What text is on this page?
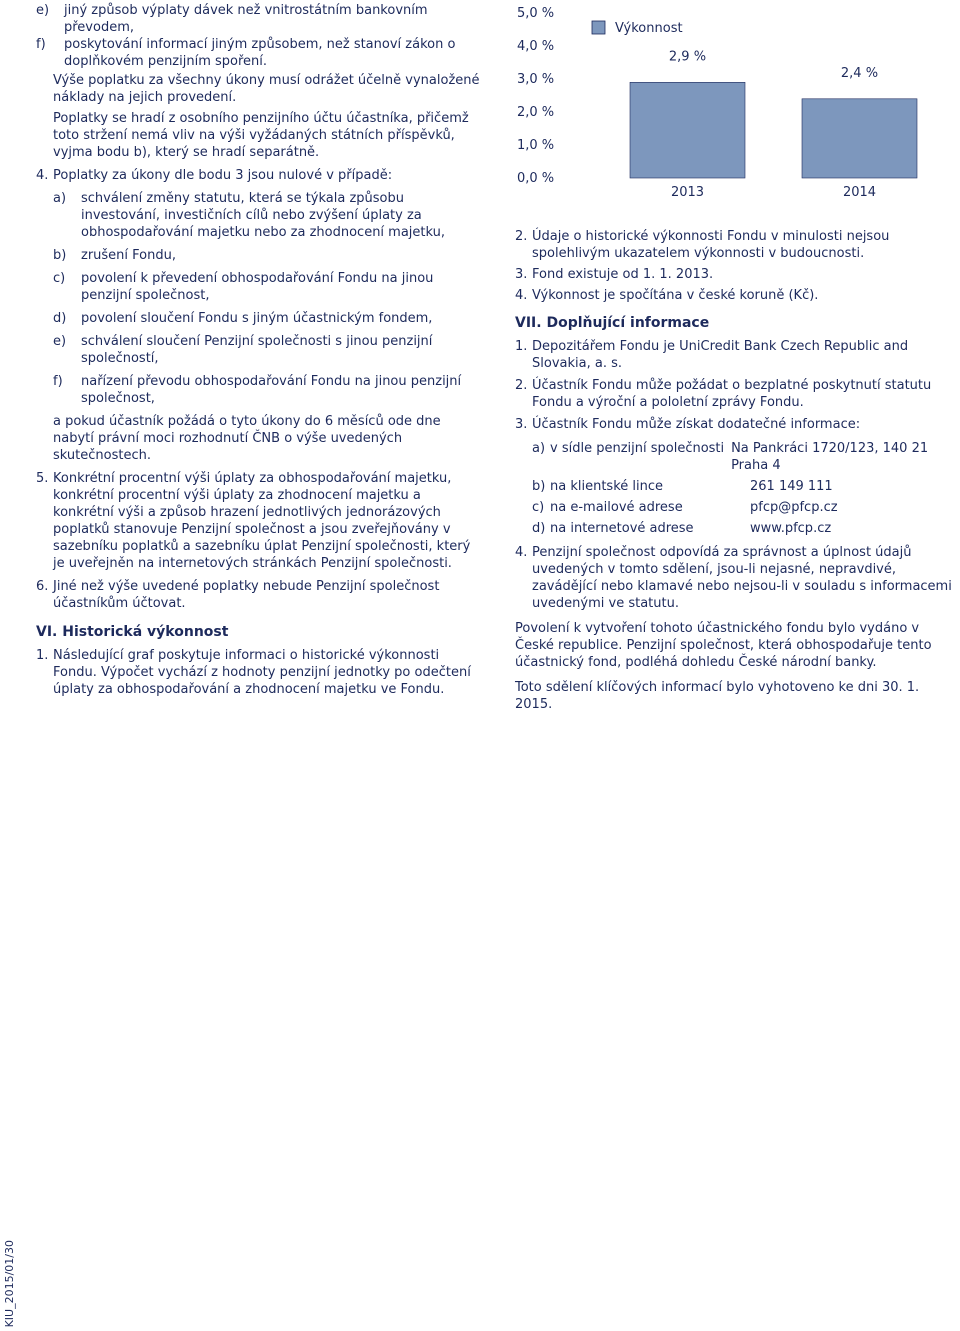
e) jiný způsob výplaty dávek než vnitrostátním bankovním převodem,

f) poskytování informací jiným způsobem, než stanoví zákon o doplňkovém penzijním spoření.

Výše poplatku za všechny úkony musí odrážet účelně vynaložené náklady na jejich provedení.

Poplatky se hradí z osobního penzijního účtu účastníka, přičemž toto stržení nemá vliv na výši vyžádaných státních příspěvků, vyjma bodu b), který se hradí separátně.

4. Poplatky za úkony dle bodu 3 jsou nulové v případě:

a) schválení změny statutu, která se týkala způsobu investování, investičních cílů nebo zvýšení úplaty za obhospodařování majetku nebo za zhodnocení majetku,

b) zrušení Fondu,

c) povolení k převedení obhospodařování Fondu na jinou penzijní společnost,

d) povolení sloučení Fondu s jiným účastnickým fondem,

e) schválení sloučení Penzijní společnosti s jinou penzijní společností,

f) nařízení převodu obhospodařování Fondu na jinou penzijní společnost,

a pokud účastník požádá o tyto úkony do 6 měsíců ode dne nabytí právní moci rozhodnutí ČNB o výše uvedených skutečnostech.

5. Konkrétní procentní výši úplaty za obhospodařování majetku, konkrétní procentní výši úplaty za zhodnocení majetku a konkrétní výši a způsob hrazení jednotlivých jednorázových poplatků stanovuje Penzijní společnost a jsou zveřejňovány v sazebníku poplatků a sazebníku úplat Penzijní společnosti, který je uveřejněn na internetových stránkách Penzijní společnosti.

6. Jiné než výše uvedené poplatky nebude Penzijní společnost účastníkům účtovat.

VI. Historická výkonnost

1. Následující graf poskytuje informaci o historické výkonnosti Fondu. Výpočet vychází z hodnoty penzijní jednotky po odečtení úplaty za obhospodařování a zhodnocení majetku ve Fondu.

Výkonnost
0,0 %
1,0 %
2,0 %
3,0 %
4,0 %
5,0 %
2,9 %
2013
2,4 %
2014

2. Údaje o historické výkonnosti Fondu v minulosti nejsou spolehlivým ukazatelem výkonnosti v budoucnosti.

3. Fond existuje od 1. 1. 2013.

4. Výkonnost je spočítána v české koruně (Kč).

VII. Doplňující informace

1. Depozitářem Fondu je UniCredit Bank Czech Republic and Slovakia, a. s.

2. Účastník Fondu může požádat o bezplatné poskytnutí statutu Fondu a výroční a pololetní zprávy Fondu.

3. Účastník Fondu může získat dodatečné informace:

a) v sídle penzijní společnosti Na Pankráci 1720/123, 140 21 Praha 4
b) na klientské lince	261 149 111
c) na e-mailové adrese	pfcp@pfcp.cz
d) na internetové adrese	www.pfcp.cz

4. Penzijní společnost odpovídá za správnost a úplnost údajů uvedených v tomto sdělení, jsou-li nejasné, nepravdivé, zavádějící nebo klamavé nebo nejsou-li v souladu s informacemi uvedenými ve statutu.

Povolení k vytvoření tohoto účastnického fondu bylo vydáno v České republice. Penzijní společnost, která obhospodařuje tento účastnický fond, podléhá dohledu České národní banky.

Toto sdělení klíčových informací bylo vyhotoveno ke dni 30. 1. 2015.

KIU_2015/01/30
